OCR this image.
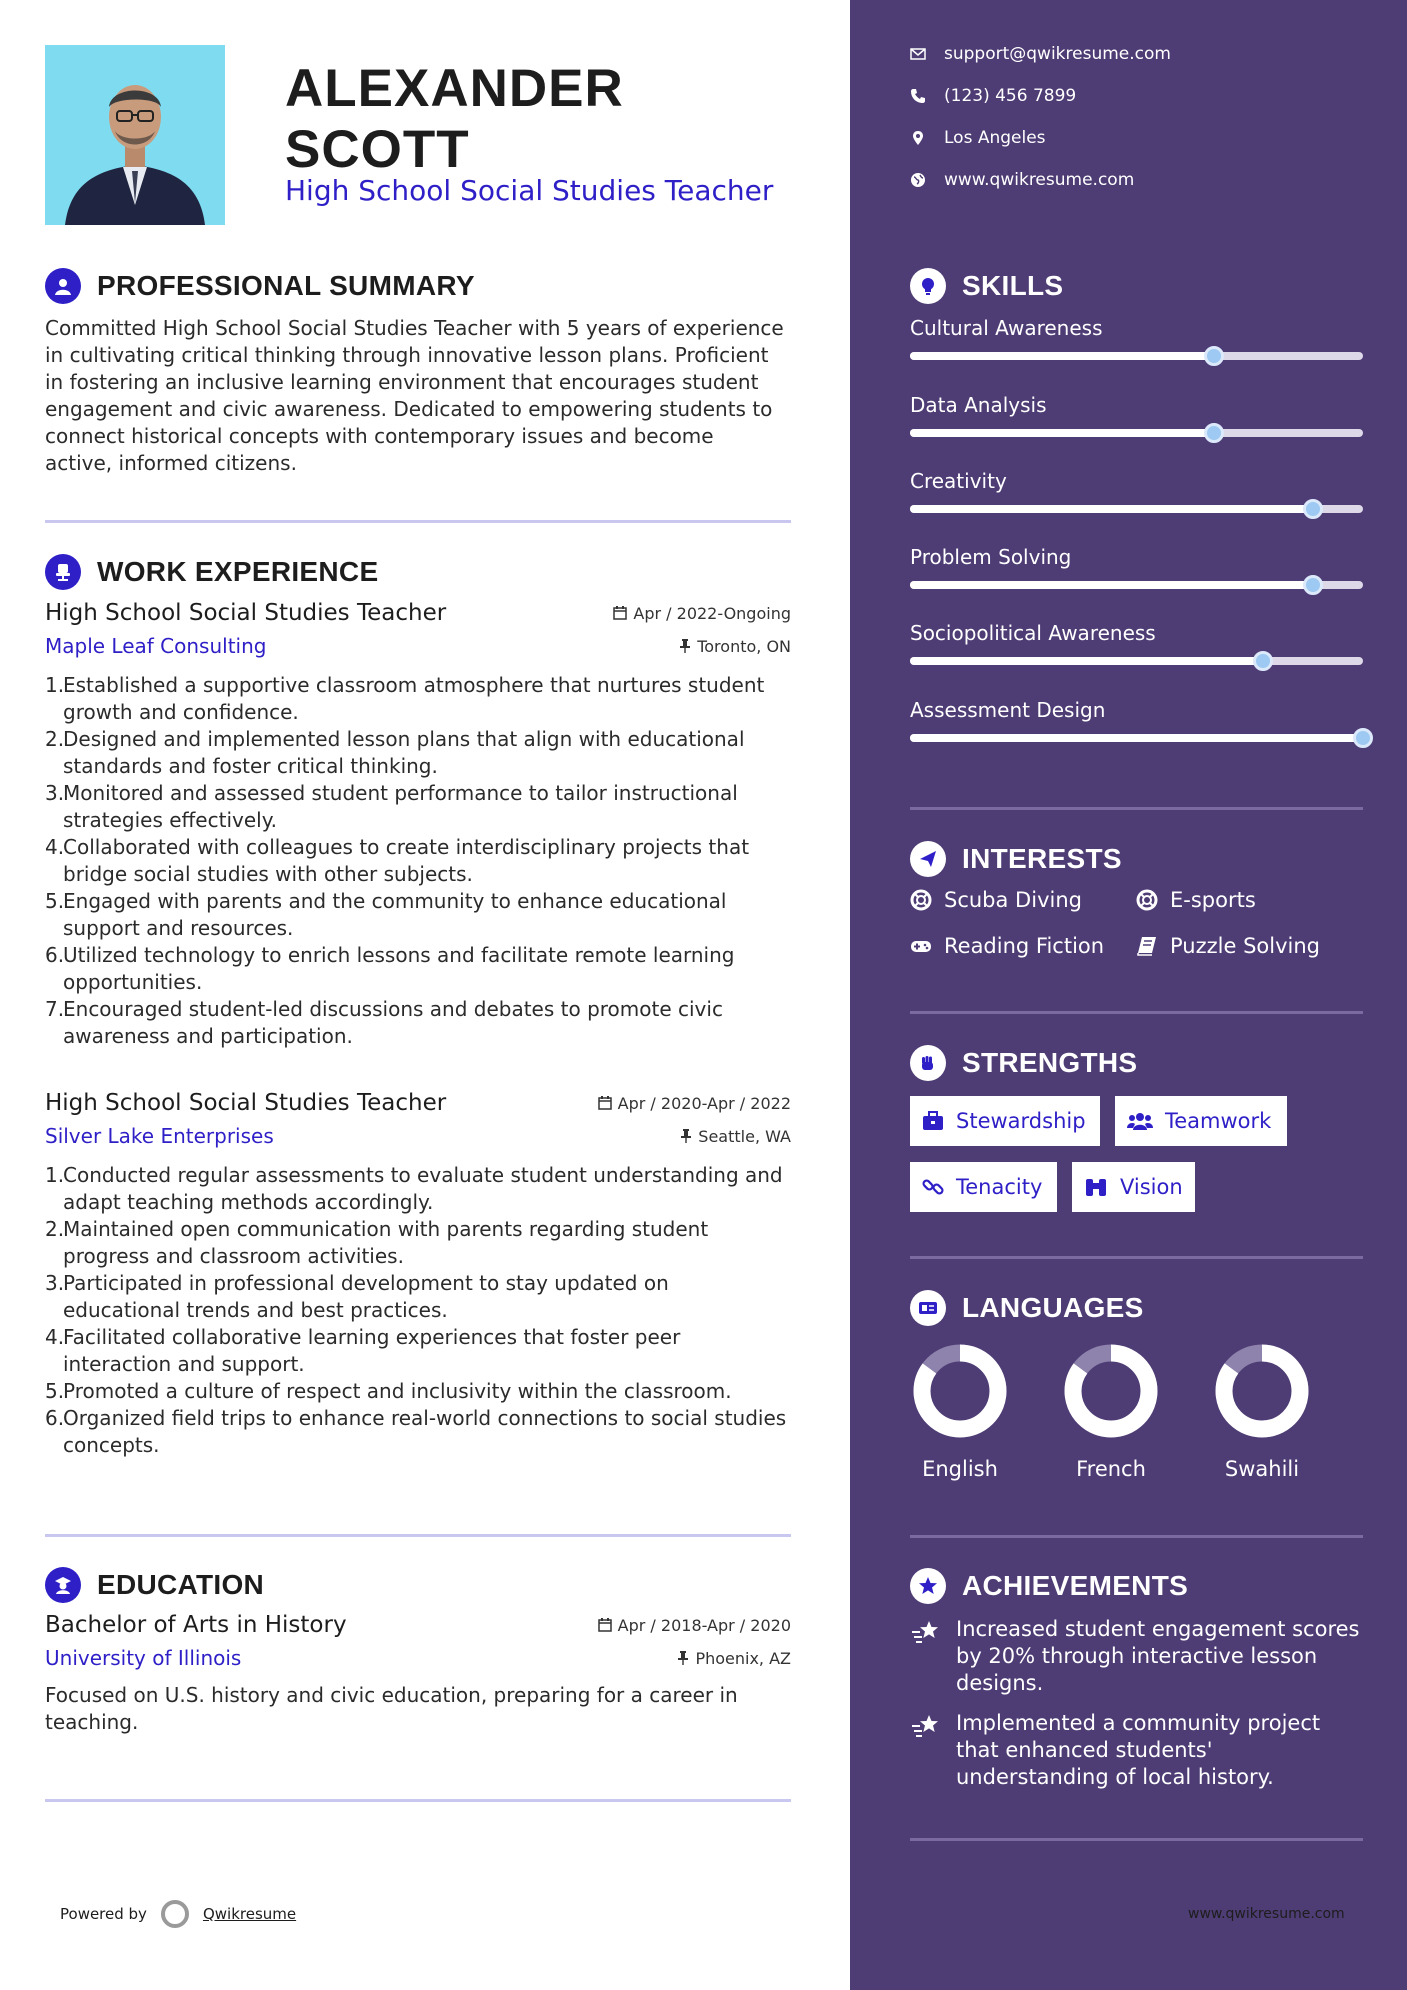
ALEXANDER
SCOTT
High School Social Studies Teacher
PROFESSIONAL SUMMARY
Committed High School Social Studies Teacher with 5 years of experience in cultivating critical thinking through innovative lesson plans. Proficient in fostering an inclusive learning environment that encourages student engagement and civic awareness. Dedicated to empowering students to connect historical concepts with contemporary issues and become active, informed citizens.
WORK EXPERIENCE
High School Social Studies Teacher	Apr / 2022-Ongoing
Maple Leaf Consulting	Toronto, ON
1.Established a supportive classroom atmosphere that nurtures student growth and confidence.
2.Designed and implemented lesson plans that align with educational standards and foster critical thinking.
3.Monitored and assessed student performance to tailor instructional strategies effectively.
4.Collaborated with colleagues to create interdisciplinary projects that bridge social studies with other subjects.
5.Engaged with parents and the community to enhance educational support and resources.
6.Utilized technology to enrich lessons and facilitate remote learning opportunities.
7.Encouraged student-led discussions and debates to promote civic awareness and participation.
High School Social Studies Teacher	Apr / 2020-Apr / 2022
Silver Lake Enterprises	Seattle, WA
1.Conducted regular assessments to evaluate student understanding and adapt teaching methods accordingly.
2.Maintained open communication with parents regarding student progress and classroom activities.
3.Participated in professional development to stay updated on educational trends and best practices.
4.Facilitated collaborative learning experiences that foster peer interaction and support.
5.Promoted a culture of respect and inclusivity within the classroom.
6.Organized field trips to enhance real-world connections to social studies concepts.
EDUCATION
Bachelor of Arts in History	Apr / 2018-Apr / 2020
University of Illinois	Phoenix, AZ
Focused on U.S. history and civic education, preparing for a career in teaching.
Powered by	Qwikresume
support@qwikresume.com
(123) 456 7899
Los Angeles
www.qwikresume.com
SKILLS
Cultural Awareness
Data Analysis
Creativity
Problem Solving
Sociopolitical Awareness
Assessment Design
INTERESTS
Scuba Diving	E-sports
Reading Fiction	Puzzle Solving
STRENGTHS
Stewardship	Teamwork
Tenacity	Vision
LANGUAGES
English	French	Swahili
ACHIEVEMENTS
Increased student engagement scores by 20% through interactive lesson designs.
Implemented a community project that enhanced students' understanding of local history.
www.qwikresume.com
